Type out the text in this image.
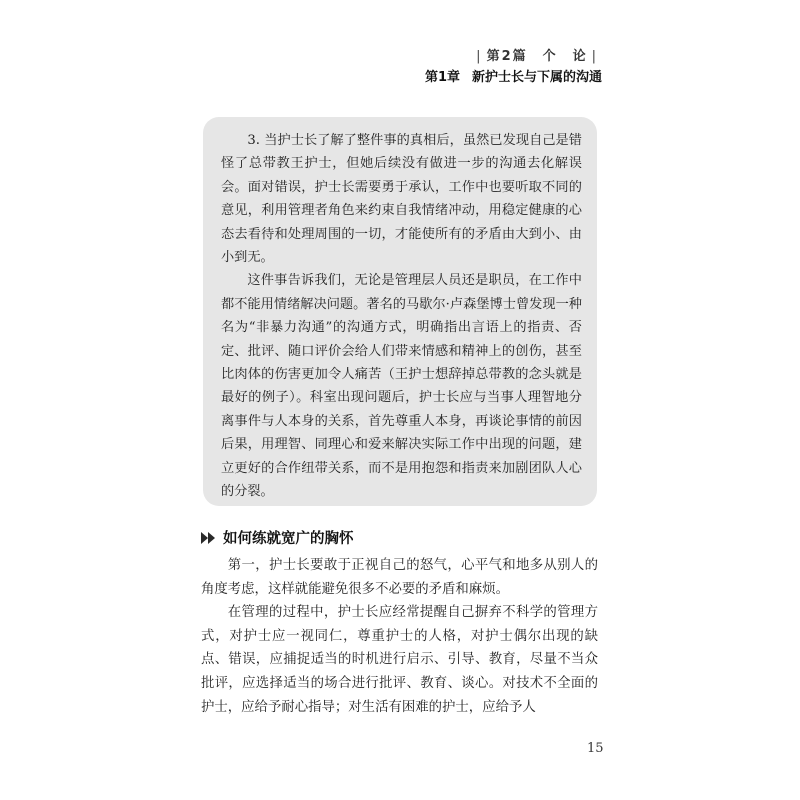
| 第2篇　个　论 |
第1章 新护士长与下属的沟通

3. 当护士长了解了整件事的真相后，虽然已发现自己是错怪了总带教王护士，但她后续没有做进一步的沟通去化解误会。面对错误，护士长需要勇于承认，工作中也要听取不同的意见，利用管理者角色来约束自我情绪冲动，用稳定健康的心态去看待和处理周围的一切，才能使所有的矛盾由大到小、由小到无。

这件事告诉我们，无论是管理层人员还是职员，在工作中都不能用情绪解决问题。著名的马歇尔·卢森堡博士曾发现一种名为“非暴力沟通”的沟通方式，明确指出言语上的指责、否定、批评、随口评价会给人们带来情感和精神上的创伤，甚至比肉体的伤害更加令人痛苦（王护士想辞掉总带教的念头就是最好的例子）。科室出现问题后，护士长应与当事人理智地分离事件与人本身的关系，首先尊重人本身，再谈论事情的前因后果，用理智、同理心和爱来解决实际工作中出现的问题，建立更好的合作纽带关系，而不是用抱怨和指责来加剧团队人心的分裂。

如何练就宽广的胸怀

第一，护士长要敢于正视自己的怒气，心平气和地多从别人的角度考虑，这样就能避免很多不必要的矛盾和麻烦。

在管理的过程中，护士长应经常提醒自己摒弃不科学的管理方式，对护士应一视同仁，尊重护士的人格，对护士偶尔出现的缺点、错误，应捕捉适当的时机进行启示、引导、教育，尽量不当众批评，应选择适当的场合进行批评、教育、谈心。对技术不全面的护士，应给予耐心指导；对生活有困难的护士，应给予人

15
